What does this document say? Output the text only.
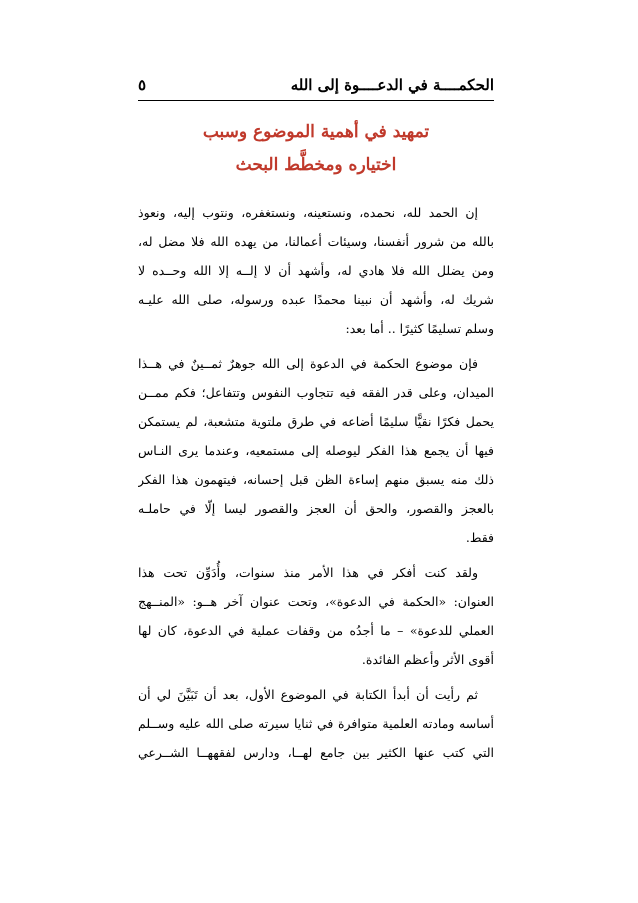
الحكمــــة في الدعــــوة إلى الله
٥
تمهيد في أهمية الموضوع وسبب
اختياره ومخطَّط البحث
إن الحمد لله، نحمده، ونستعينه، ونستغفره، ونتوب إليه، ونعوذ
بالله من شرور أنفسنا، وسيئات أعمالنا، من يهده الله فلا مضل له،
ومن يضلل الله فلا هادي له، وأشهد أن لا إلــه إلا الله وحــده لا
شريك له، وأشهد أن نبينا محمدًا عبده ورسوله، صلى الله عليـه
وسلم تسليمًا كثيرًا .. أما بعد:
فإن موضوع الحكمة في الدعوة إلى الله جوهرٌ ثمــينٌ في هــذا
الميدان، وعلى قدر الفقه فيه تتجاوب النفوس وتتفاعل؛ فكم ممــن
يحمل فكرًا نقيًّا سليمًا أضاعه في طرق ملتوية متشعبة، لم يستمكن
فيها أن يجمع هذا الفكر ليوصله إلى مستمعيه، وعندما يرى النـاس
ذلك منه يسبق منهم إساءة الظن قبل إحسانه، فيتهمون هذا الفكر
بالعجز والقصور، والحق أن العجز والقصور ليسا إلّا في حاملـه
فقط.
ولقد كنت أفكر في هذا الأمر منذ سنوات، وأُدَوِّن تحت هذا
العنوان: «الحكمة في الدعوة»، وتحت عنوان آخر هــو: «المنــهج
العملي للدعوة» – ما أجدُه من وقفات عملية في الدعوة، كان لها
أقوى الأثر وأعظم الفائدة.
ثم رأيت أن أبدأ الكتابة في الموضوع الأول، بعد أن تَبَيَّنَ لي أن
أساسه ومادته العلمية متوافرة في ثنايا سيرته صلى الله عليه وســلم
التي كتب عنها الكثير بين جامع لهــا، ودارس لفقههــا الشــرعي
